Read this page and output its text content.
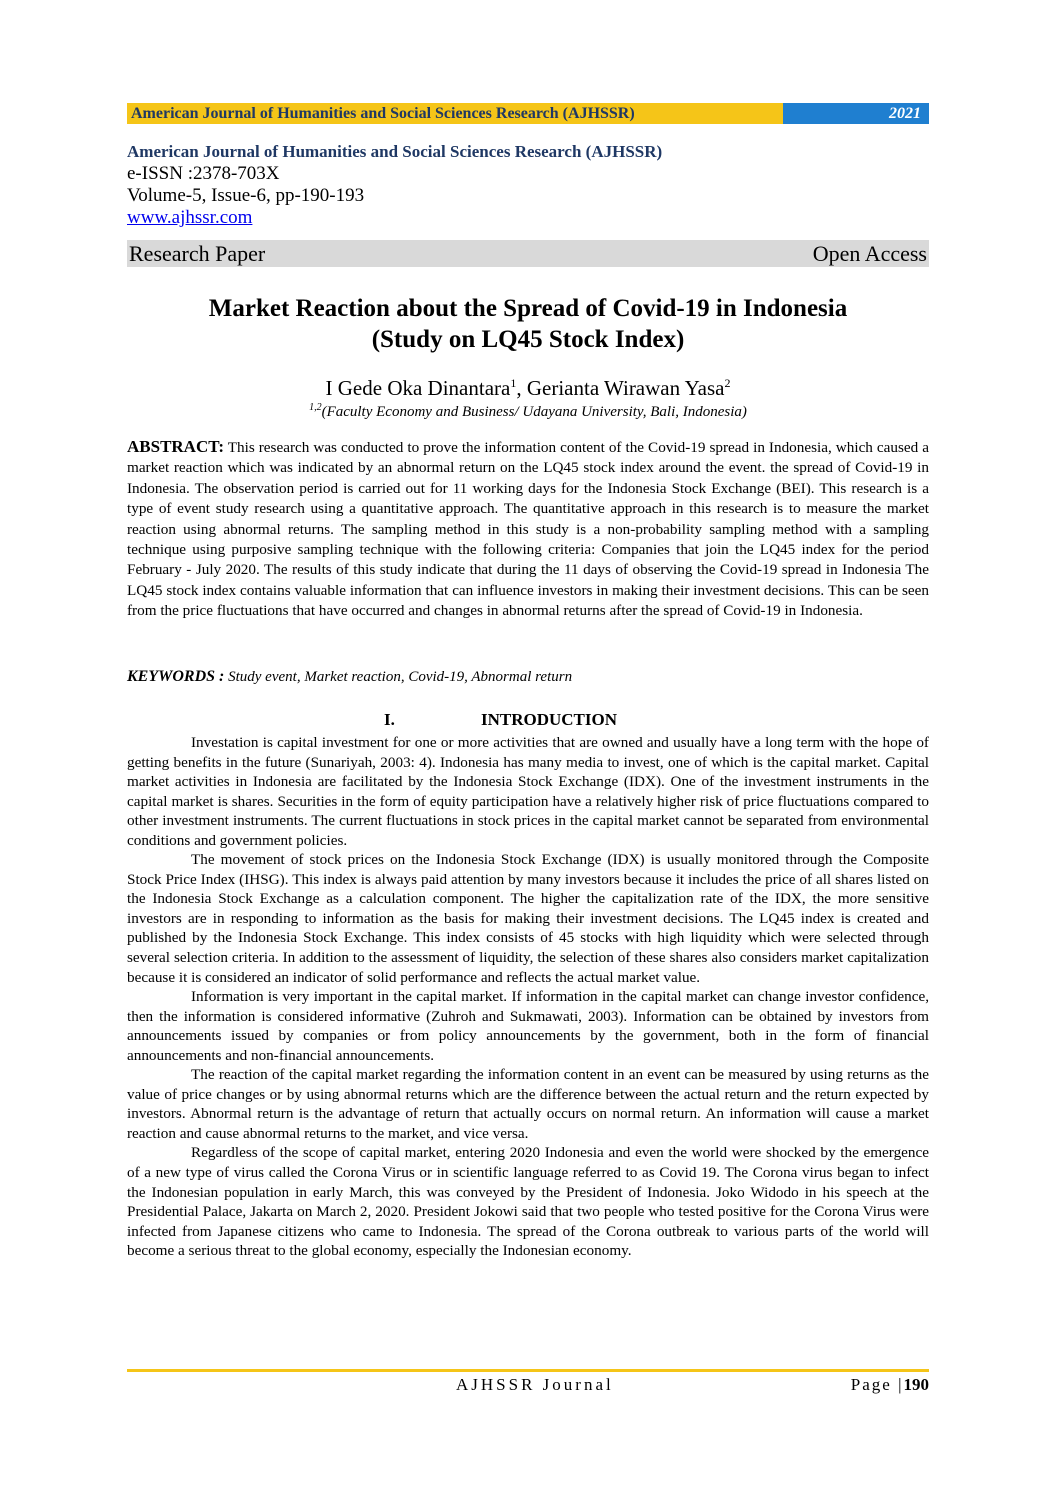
American Journal of Humanities and Social Sciences Research (AJHSSR)	2021
American Journal of Humanities and Social Sciences Research (AJHSSR)
e-ISSN :2378-703X
Volume-5, Issue-6, pp-190-193
www.ajhssr.com
Research Paper	Open Access
Market Reaction about the Spread of Covid-19 in Indonesia
(Study on LQ45 Stock Index)
I Gede Oka Dinantara$^1$, Gerianta Wirawan Yasa$^2$
$^{1,2}$(Faculty Economy and Business/ Udayana University, Bali, Indonesia)
ABSTRACT: This research was conducted to prove the information content of the Covid-19 spread in Indonesia, which caused a market reaction which was indicated by an abnormal return on the LQ45 stock index around the event. the spread of Covid-19 in Indonesia. The observation period is carried out for 11 working days for the Indonesia Stock Exchange (BEI). This research is a type of event study research using a quantitative approach. The quantitative approach in this research is to measure the market reaction using abnormal returns. The sampling method in this study is a non-probability sampling method with a sampling technique using purposive sampling technique with the following criteria: Companies that join the LQ45 index for the period February - July 2020. The results of this study indicate that during the 11 days of observing the Covid-19 spread in Indonesia The LQ45 stock index contains valuable information that can influence investors in making their investment decisions. This can be seen from the price fluctuations that have occurred and changes in abnormal returns after the spread of Covid-19 in Indonesia.
KEYWORDS : Study event, Market reaction, Covid-19, Abnormal return
I.	INTRODUCTION

Investation is capital investment for one or more activities that are owned and usually have a long term with the hope of getting benefits in the future (Sunariyah, 2003: 4). Indonesia has many media to invest, one of which is the capital market. Capital market activities in Indonesia are facilitated by the Indonesia Stock Exchange (IDX). One of the investment instruments in the capital market is shares. Securities in the form of equity participation have a relatively higher risk of price fluctuations compared to other investment instruments. The current fluctuations in stock prices in the capital market cannot be separated from environmental conditions and government policies.

The movement of stock prices on the Indonesia Stock Exchange (IDX) is usually monitored through the Composite Stock Price Index (IHSG). This index is always paid attention by many investors because it includes the price of all shares listed on the Indonesia Stock Exchange as a calculation component. The higher the capitalization rate of the IDX, the more sensitive investors are in responding to information as the basis for making their investment decisions. The LQ45 index is created and published by the Indonesia Stock Exchange. This index consists of 45 stocks with high liquidity which were selected through several selection criteria. In addition to the assessment of liquidity, the selection of these shares also considers market capitalization because it is considered an indicator of solid performance and reflects the actual market value.

Information is very important in the capital market. If information in the capital market can change investor confidence, then the information is considered informative (Zuhroh and Sukmawati, 2003). Information can be obtained by investors from announcements issued by companies or from policy announcements by the government, both in the form of financial announcements and non-financial announcements.

The reaction of the capital market regarding the information content in an event can be measured by using returns as the value of price changes or by using abnormal returns which are the difference between the actual return and the return expected by investors. Abnormal return is the advantage of return that actually occurs on normal return. An information will cause a market reaction and cause abnormal returns to the market, and vice versa.

Regardless of the scope of capital market, entering 2020 Indonesia and even the world were shocked by the emergence of a new type of virus called the Corona Virus or in scientific language referred to as Covid 19. The Corona virus began to infect the Indonesian population in early March, this was conveyed by the President of Indonesia. Joko Widodo in his speech at the Presidential Palace, Jakarta on March 2, 2020. President Jokowi said that two people who tested positive for the Corona Virus were infected from Japanese citizens who came to Indonesia. The spread of the Corona outbreak to various parts of the world will become a serious threat to the global economy, especially the Indonesian economy.

AJHSSR Journal	Page |190
